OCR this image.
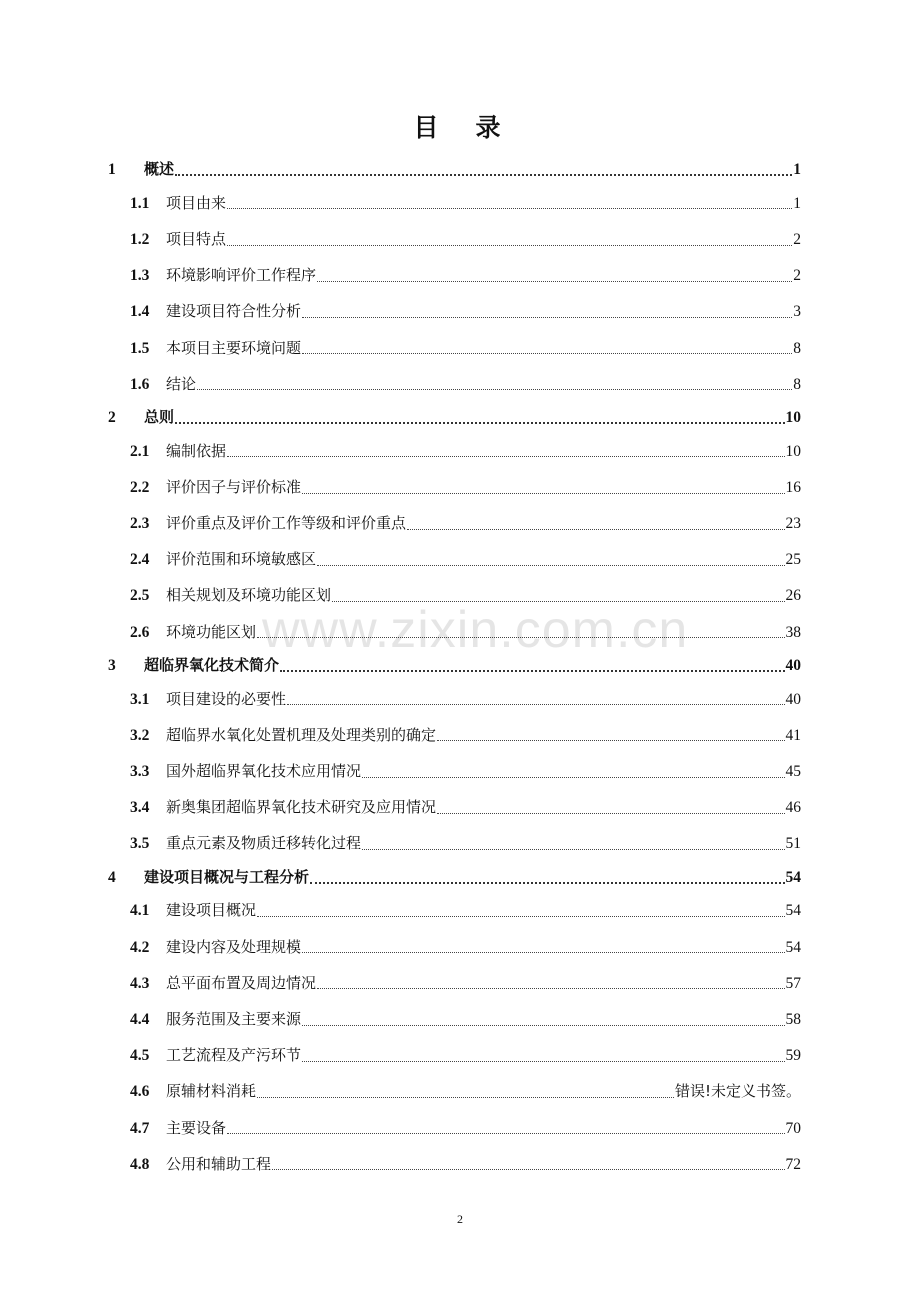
目　录
1	概述	1
1.1	项目由来	1
1.2	项目特点	2
1.3	环境影响评价工作程序	2
1.4	建设项目符合性分析	3
1.5	本项目主要环境问题	8
1.6	结论	8
2	总则	10
2.1	编制依据	10
2.2	评价因子与评价标准	16
2.3	评价重点及评价工作等级和评价重点	23
2.4	评价范围和环境敏感区	25
2.5	相关规划及环境功能区划	26
2.6	环境功能区划	38
3	超临界氧化技术简介	40
3.1	项目建设的必要性	40
3.2	超临界水氧化处置机理及处理类别的确定	41
3.3	国外超临界氧化技术应用情况	45
3.4	新奥集团超临界氧化技术研究及应用情况	46
3.5	重点元素及物质迁移转化过程	51
4	建设项目概况与工程分析	54
4.1	建设项目概况	54
4.2	建设内容及处理规模	54
4.3	总平面布置及周边情况	57
4.4	服务范围及主要来源	58
4.5	工艺流程及产污环节	59
4.6	原辅材料消耗	错误!未定义书签。
4.7	主要设备	70
4.8	公用和辅助工程	72
www.zixin.com.cn
2
